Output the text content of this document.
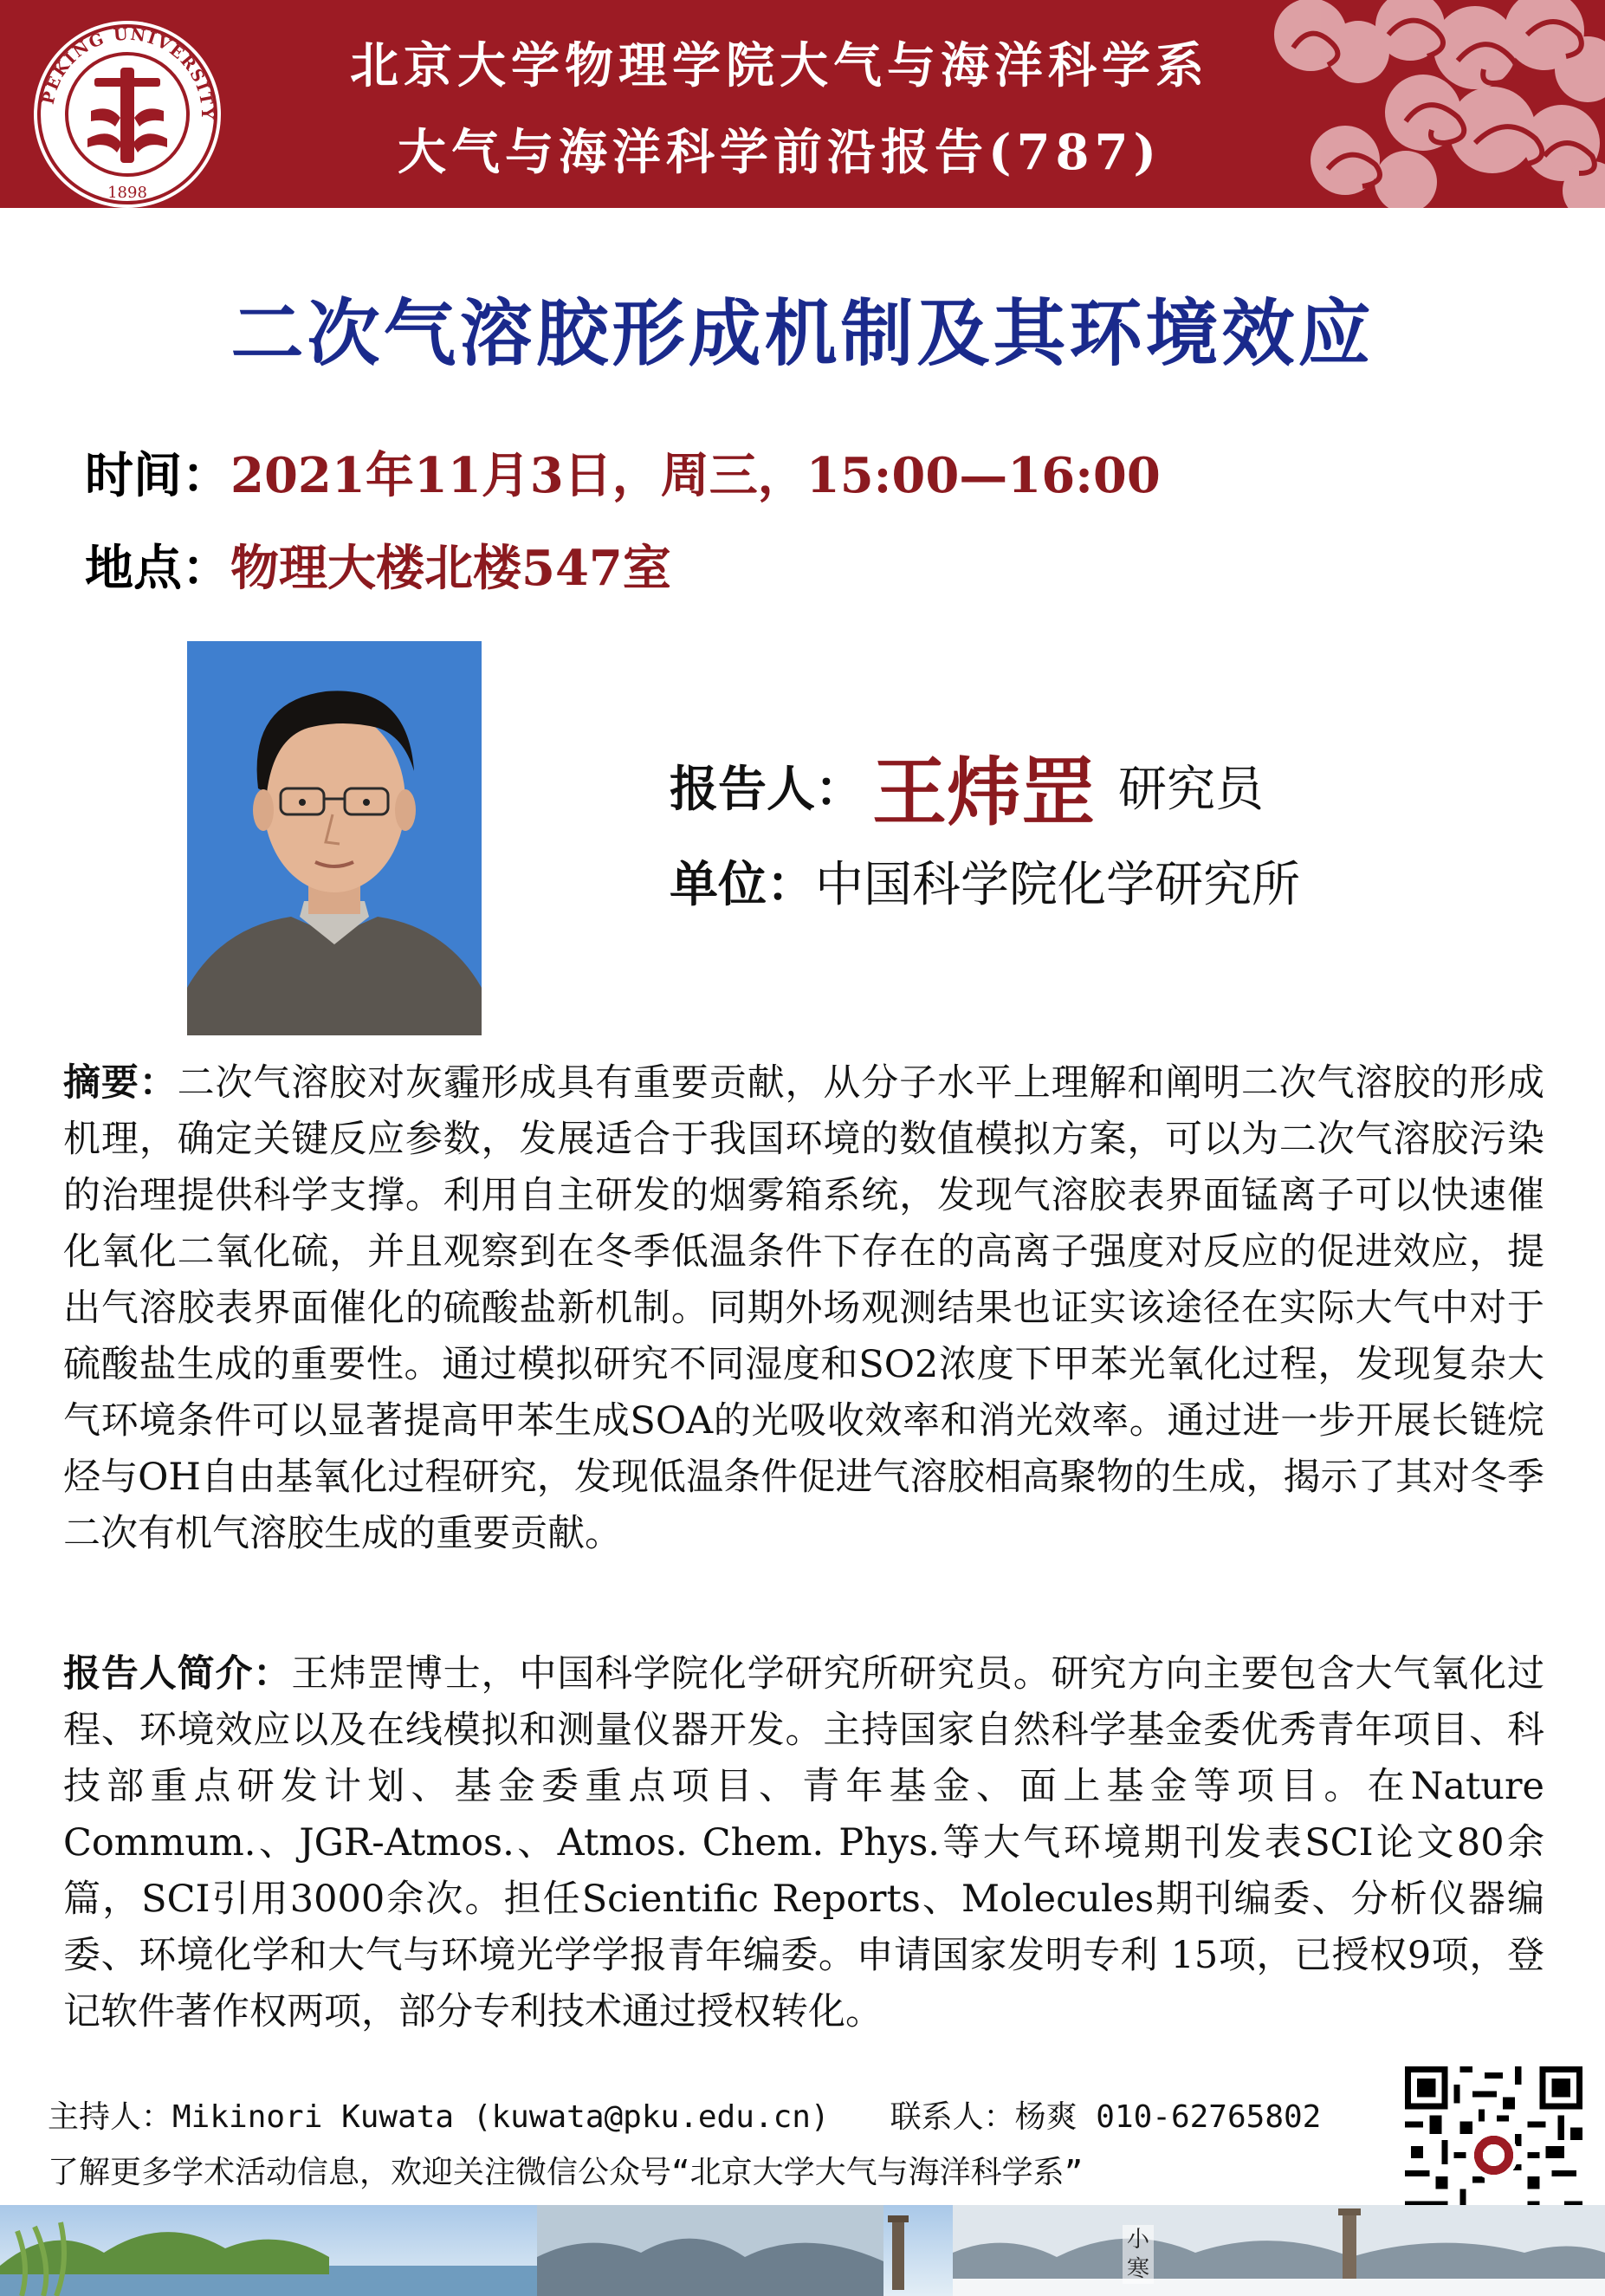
PEKING UNIVERSITY
1898
北京大学物理学院大气与海洋科学系
大气与海洋科学前沿报告(787)
二次气溶胶形成机制及其环境效应
时间：2021年11月3日，周三，15:00—16:00
地点：物理大楼北楼547室
报告人： 王炜罡 研究员
单位：中国科学院化学研究所
摘要：二次气溶胶对灰霾形成具有重要贡献，从分子水平上理解和阐明二次气溶胶的形成机理，确定关键反应参数，发展适合于我国环境的数值模拟方案，可以为二次气溶胶污染的治理提供科学支撑。利用自主研发的烟雾箱系统，发现气溶胶表界面锰离子可以快速催化氧化二氧化硫，并且观察到在冬季低温条件下存在的高离子强度对反应的促进效应，提出气溶胶表界面催化的硫酸盐新机制。同期外场观测结果也证实该途径在实际大气中对于硫酸盐生成的重要性。通过模拟研究不同湿度和SO2浓度下甲苯光氧化过程，发现复杂大气环境条件可以显著提高甲苯生成SOA的光吸收效率和消光效率。通过进一步开展长链烷烃与OH自由基氧化过程研究，发现低温条件促进气溶胶相高聚物的生成，揭示了其对冬季二次有机气溶胶生成的重要贡献。
报告人简介：王炜罡博士，中国科学院化学研究所研究员。研究方向主要包含大气氧化过程、环境效应以及在线模拟和测量仪器开发。主持国家自然科学基金委优秀青年项目、科技部重点研发计划、基金委重点项目、青年基金、面上基金等项目。在Nature Commum.、JGR-Atmos.、Atmos. Chem. Phys.等大气环境期刊发表SCI论文80余篇，SCI引用3000余次。担任Scientific Reports、Molecules期刊编委、分析仪器编委、环境化学和大气与环境光学学报青年编委。申请国家发明专利 15项，已授权9项，登记软件著作权两项，部分专利技术通过授权转化。
主持人：Mikinori Kuwata (kuwata@pku.edu.cn) 联系人：杨爽 010-62765802
了解更多学术活动信息，欢迎关注微信公众号“北京大学大气与海洋科学系”
小寒
